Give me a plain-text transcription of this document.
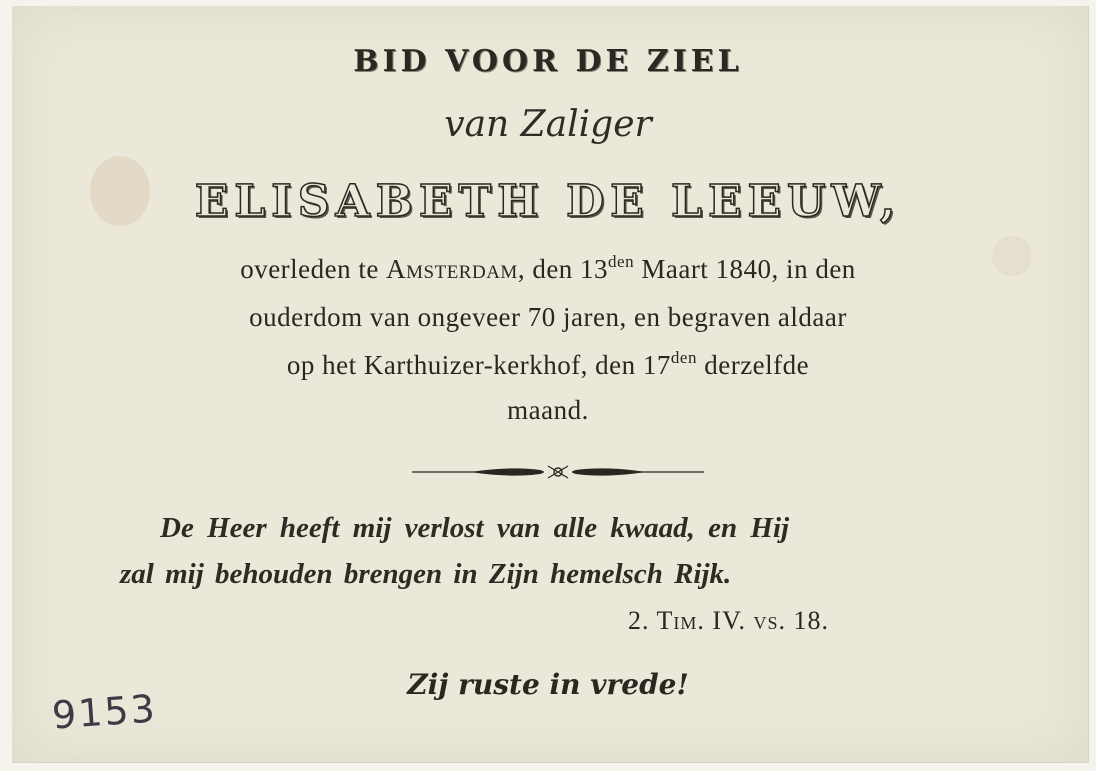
BID VOOR DE ZIEL
van Zaliger
ELISABETH DE LEEUW,
overleden te Amsterdam, den $13^{den}$ Maart 1840, in den
ouderdom van ongeveer 70 jaren, en begraven aldaar
op het Karthuizer-kerkhof, den $17^{den}$ derzelfde
maand.
De Heer heeft mij verlost van alle kwaad, en Hij
zal mij behouden brengen in Zijn hemelsch Rijk.
2. Tim. IV. vs. 18.
Zij ruste in vrede!
9153
